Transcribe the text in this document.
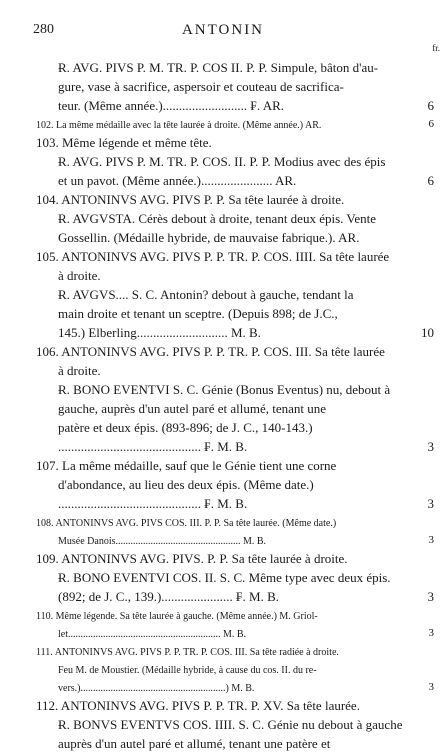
280	ANTONIN
fr.
Ɍ. AVG. PIVS P. M. TR. P. COS II. P. P. Simpule, bâton d'au-
gure, vase à sacrifice, aspersoir et couteau de sacrifica-
teur. (Même année.).......................... ₣. AR.	6
102. La même médaille avec la tête laurée à droite. (Même année.) AR.	6
103. Même légende et même tête.
Ɍ. AVG. PIVS P. M. TR. P. COS. II. P. P. Modius avec des épis
et un pavot. (Même année.)...................... AR.	6
104. ANTONINVS AVG. PIVS P. P. Sa tête laurée à droite.
Ɍ. AVGVSTA. Cérès debout à droite, tenant deux épis. Vente
Gossellin. (Médaille hybride, de mauvaise fabrique.). AR.
105. ANTONINVS AVG. PIVS P. P. TR. P. COS. IIII. Sa tête laurée
à droite.
Ɍ. AVGVS.... S. C. Antonin? debout à gauche, tendant la
main droite et tenant un sceptre. (Depuis 898; de J.C.,
145.) Elberling............................ M. B.	10
106. ANTONINVS AVG. PIVS P. P. TR. P. COS. III. Sa tête laurée
à droite.
Ɍ. BONO EVENTVI S. C. Génie (Bonus Eventus) nu, debout à
gauche, auprès d'un autel paré et allumé, tenant une
patère et deux épis. (893-896; de J. C., 140-143.)
............................................ ₣. M. B.	3
107. La même médaille, sauf que le Génie tient une corne
d'abondance, au lieu des deux épis. (Même date.)
............................................ ₣. M. B.	3
108. ANTONINVS AVG. PIVS COS. III. P. P. Sa tête laurée. (Même date.)
Musée Danois.................................................. M. B.	3
109. ANTONINVS AVG. PIVS. P. P. Sa tête laurée à droite.
Ɍ. BONO EVENTVI COS. II. S. C. Même type avec deux épis.
(892; de J. C., 139.)...................... ₣. M. B.	3
110. Même légende. Sa tête laurée à gauche. (Même année.) M. Griol-
let............................................................. M. B.	3
111. ANTONINVS AVG. PIVS P. P. TR. P. COS. III. Sa tête radiée à droite.
Feu M. de Moustier. (Médaille hybride, à cause du cos. II. du re-
vers.)..........................................................) M. B.	3
112. ANTONINVS AVG. PIVS P. P. TR. P. XV. Sa tête laurée.
Ɍ. BONVS EVENTVS COS. IIII. S. C. Génie nu debout à gauche
auprès d'un autel paré et allumé, tenant une patère et
